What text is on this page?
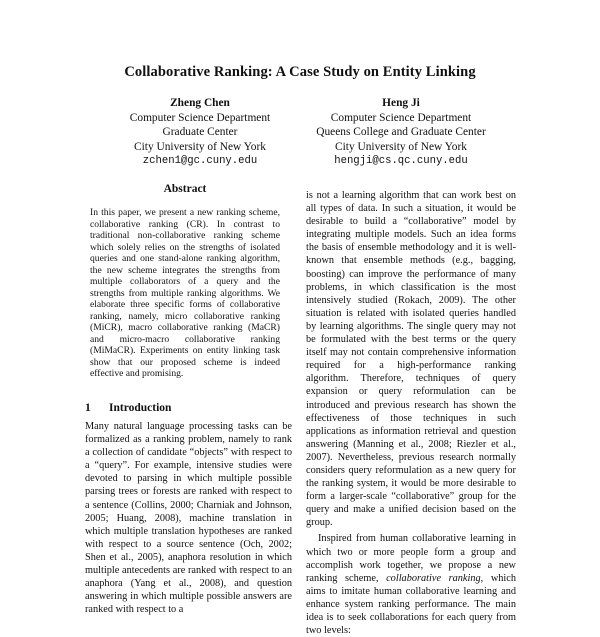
Collaborative Ranking: A Case Study on Entity Linking
Zheng Chen
Computer Science Department
Graduate Center
City University of New York
zchen1@gc.cuny.edu
Heng Ji
Computer Science Department
Queens College and Graduate Center
City University of New York
hengji@cs.qc.cuny.edu
Abstract
In this paper, we present a new ranking scheme, collaborative ranking (CR). In contrast to traditional non-collaborative ranking scheme which solely relies on the strengths of isolated queries and one stand-alone ranking algorithm, the new scheme integrates the strengths from multiple collaborators of a query and the strengths from multiple ranking algorithms. We elaborate three specific forms of collaborative ranking, namely, micro collaborative ranking (MiCR), macro collaborative ranking (MaCR) and micro-macro collaborative ranking (MiMaCR). Experiments on entity linking task show that our proposed scheme is indeed effective and promising.
1 Introduction
Many natural language processing tasks can be formalized as a ranking problem, namely to rank a collection of candidate “objects” with respect to a “query”. For example, intensive studies were devoted to parsing in which multiple possible parsing trees or forests are ranked with respect to a sentence (Collins, 2000; Charniak and Johnson, 2005; Huang, 2008), machine translation in which multiple translation hypotheses are ranked with respect to a source sentence (Och, 2002; Shen et al., 2005), anaphora resolution in which multiple antecedents are ranked with respect to an anaphora (Yang et al., 2008), and question answering in which multiple possible answers are ranked with respect to a

is not a learning algorithm that can work best on all types of data. In such a situation, it would be desirable to build a “collaborative” model by integrating multiple models. Such an idea forms the basis of ensemble methodology and it is well-known that ensemble methods (e.g., bagging, boosting) can improve the performance of many problems, in which classification is the most intensively studied (Rokach, 2009). The other situation is related with isolated queries handled by learning algorithms. The single query may not be formulated with the best terms or the query itself may not contain comprehensive information required for a high-performance ranking algorithm. Therefore, techniques of query expansion or query reformulation can be introduced and previous research has shown the effectiveness of those techniques in such applications as information retrieval and question answering (Manning et al., 2008; Riezler et al., 2007). Nevertheless, previous research normally considers query reformulation as a new query for the ranking system, it would be more desirable to form a larger-scale “collaborative” group for the query and make a unified decision based on the group.

Inspired from human collaborative learning in which two or more people form a group and accomplish work together, we propose a new ranking scheme, collaborative ranking, which aims to imitate human collaborative learning and enhance system ranking performance. The main idea is to seek collaborations for each query from two levels:
